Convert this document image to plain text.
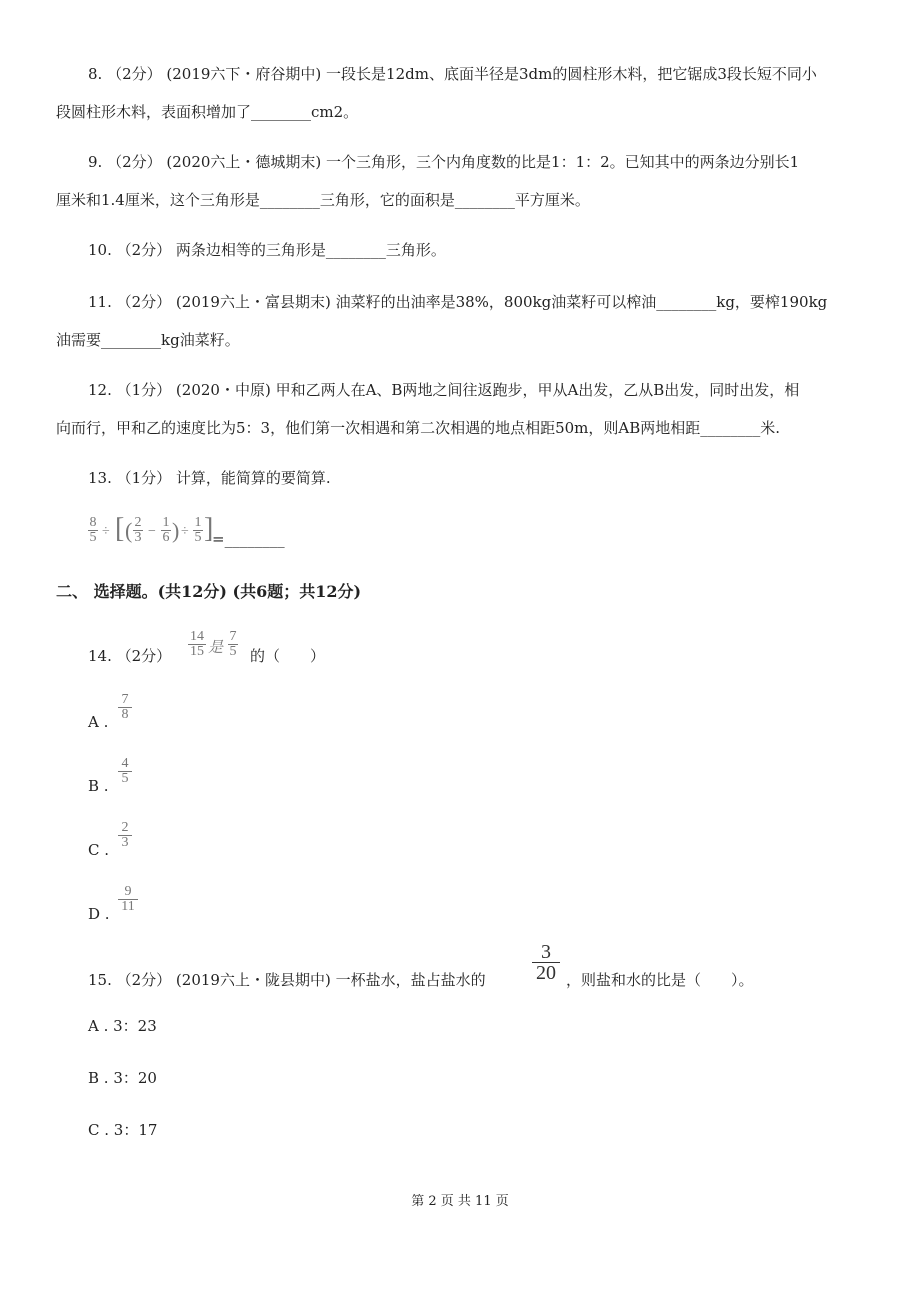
8. （2分） (2019六下・府谷期中) 一段长是12dm、底面半径是3dm的圆柱形木料，把它锯成3段长短不同小
段圆柱形木料，表面积增加了________cm2。
9. （2分） (2020六上・德城期末) 一个三角形，三个内角度数的比是1：1：2。已知其中的两条边分别长1
厘米和1.4厘米，这个三角形是________三角形，它的面积是________平方厘米。
10. （2分） 两条边相等的三角形是________三角形。
11. （2分） (2019六上・富县期末) 油菜籽的出油率是38%，800kg油菜籽可以榨油________kg，要榨190kg
油需要________kg油菜籽。
12. （1分） (2020・中原) 甲和乙两人在A、B两地之间往返跑步，甲从A出发，乙从B出发，同时出发，相
向而行，甲和乙的速度比为5：3，他们第一次相遇和第二次相遇的地点相距50m，则AB两地相距________米.
13. （1分） 计算，能简算的要简算.
8
5 ÷ [ ( 2
3 −
1
6 ) ÷
1
5 ]
=________
二、 选择题。(共12分) (共6题；共12分)
14. （2分）
14
15 是
7
5 的（　　）
A .
7
8
B .
4
5
C .
2
3
D .
9
11
15. （2分） (2019六上・陇县期中) 一杯盐水，盐占盐水的
3
20 ，则盐和水的比是（　　）。
A . 3：23
B . 3：20
C . 3：17
第 2 页 共 11 页
